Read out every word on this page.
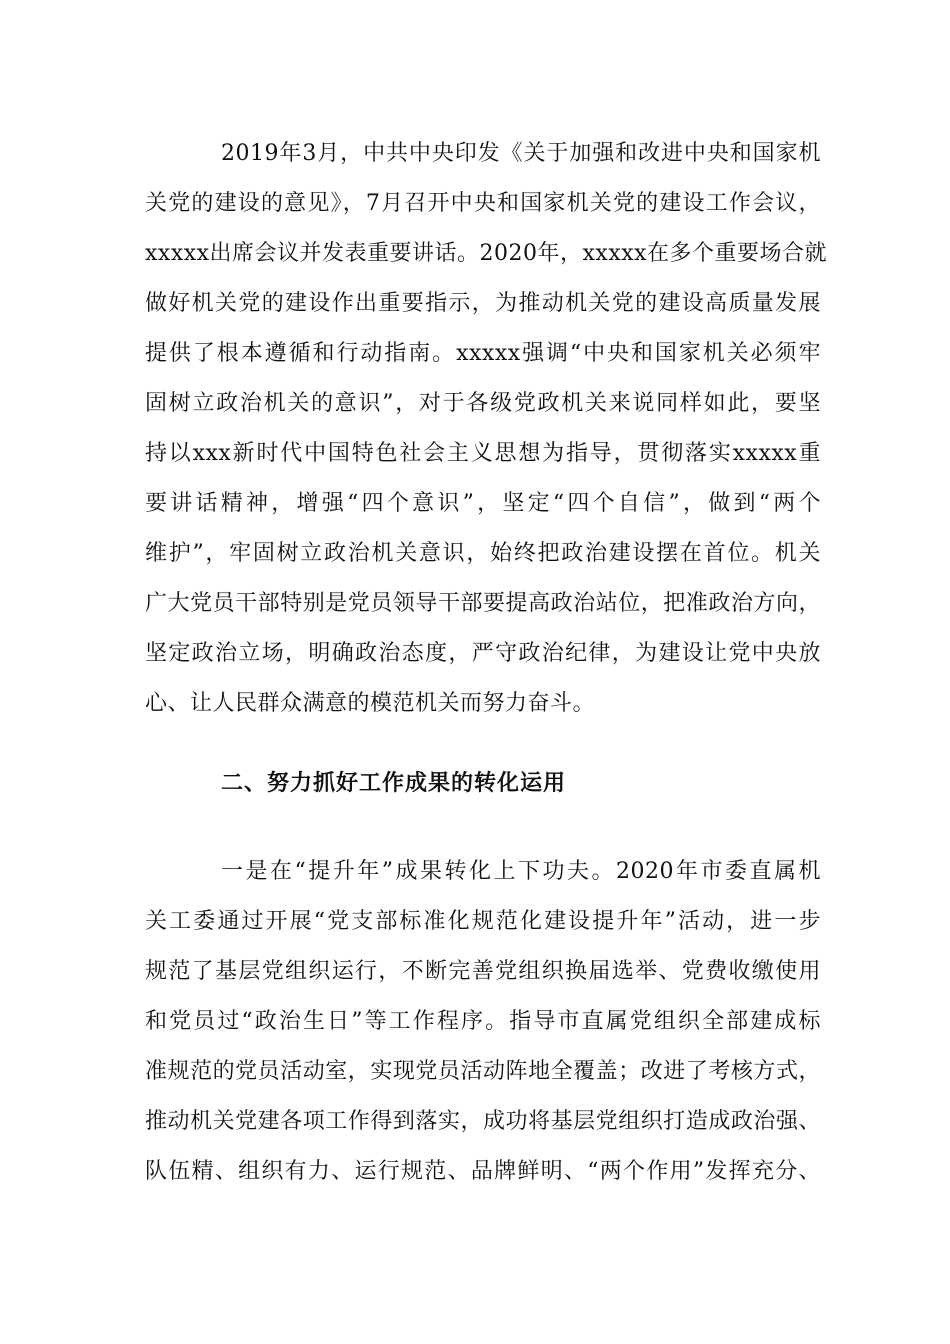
2019年3月，中共中央印发《关于加强和改进中央和国家机
关党的建设的意见》，7月召开中央和国家机关党的建设工作会议，
xxxxx出席会议并发表重要讲话。2020年，xxxxx在多个重要场合就
做好机关党的建设作出重要指示，为推动机关党的建设高质量发展
提供了根本遵循和行动指南。xxxxx强调“中央和国家机关必须牢
固树立政治机关的意识”，对于各级党政机关来说同样如此，要坚
持以xxx新时代中国特色社会主义思想为指导，贯彻落实xxxxx重
要讲话精神，增强“四个意识”，坚定“四个自信”，做到“两个
维护”，牢固树立政治机关意识，始终把政治建设摆在首位。机关
广大党员干部特别是党员领导干部要提高政治站位，把准政治方向，
坚定政治立场，明确政治态度，严守政治纪律，为建设让党中央放
心、让人民群众满意的模范机关而努力奋斗。
二、努力抓好工作成果的转化运用
一是在“提升年”成果转化上下功夫。2020年市委直属机
关工委通过开展“党支部标准化规范化建设提升年”活动，进一步
规范了基层党组织运行，不断完善党组织换届选举、党费收缴使用
和党员过“政治生日”等工作程序。指导市直属党组织全部建成标
准规范的党员活动室，实现党员活动阵地全覆盖；改进了考核方式，
推动机关党建各项工作得到落实，成功将基层党组织打造成政治强、
队伍精、组织有力、运行规范、品牌鲜明、“两个作用”发挥充分、
